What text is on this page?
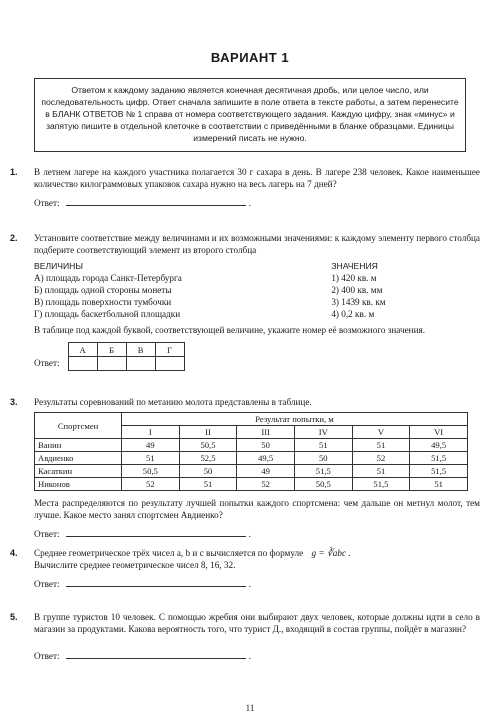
ВАРИАНТ 1
Ответом к каждому заданию является конечная десятичная дробь, или целое число, или последовательность цифр. Ответ сначала запишите в поле ответа в тексте работы, а затем перенесите в БЛАНК ОТВЕТОВ № 1 справа от номера соответствующего задания. Каждую цифру, знак «минус» и запятую пишите в отдельной клеточке в соответствии с приведёнными в бланке образцами. Единицы измерений писать не нужно.
1. В летнем лагере на каждого участника полагается 30 г сахара в день. В лагере 238 человек. Какое наименьшее количество килограммовых упаковок сахара нужно на весь лагерь на 7 дней?
Ответ:	.
2. Установите соответствие между величинами и их возможными значениями: к каждому элементу первого столбца подберите соответствующий элемент из второго столбца
ВЕЛИЧИНЫ
А) площадь города Санкт-Петербурга
Б) площадь одной стороны монеты
В) площадь поверхности тумбочки
Г) площадь баскетбольной площадки
ЗНАЧЕНИЯ
1) 420 кв. м
2) 400 кв. мм
3) 1439 кв. км
4) 0,2 кв. м
В таблице под каждой буквой, соответствующей величине, укажите номер её возможного значения.
Ответ:
А	Б	В	Г

3. Результаты соревнований по метанию молота представлены в таблице.
Спортсмен	Результат попытки, м					
	I	II	III	IV	V	VI
Ванин	49	50,5	50	51	51	49,5
Авдиенко	51	52,5	49,5	50	52	51,5
Касаткин	50,5	50	49	51,5	51	51,5
Никонов	52	51	52	50,5	51,5	51
Места распределяются по результату лучшей попытки каждого спортсмена: чем дальше он метнул молот, тем лучше. Какое место занял спортсмен Авдиенко?
Ответ:	.
4. Среднее геометрическое трёх чисел a, b и c вычисляется по формуле g = ∛abc .
Вычислите среднее геометрическое чисел 8, 16, 32.
Ответ:	.
5. В группе туристов 10 человек. С помощью жребия они выбирают двух человек, которые должны идти в село в магазин за продуктами. Какова вероятность того, что турист Д., входящий в состав группы, пойдёт в магазин?
Ответ:	.
11
